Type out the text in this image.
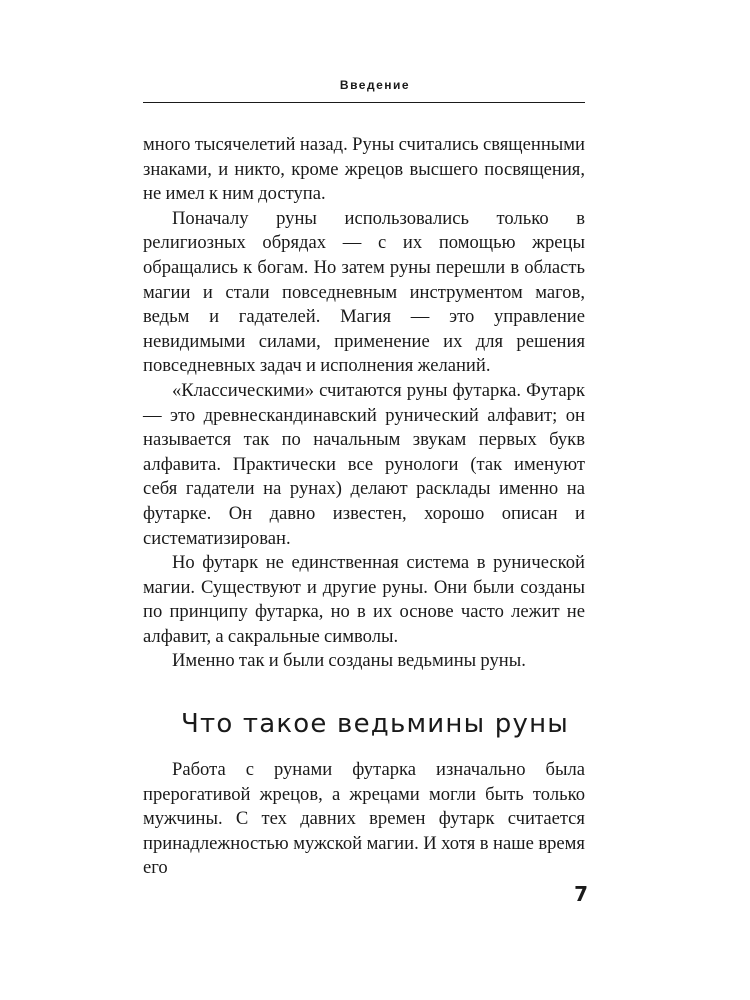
Введение

много тысячелетий назад. Руны считались священными знаками, и никто, кроме жрецов высшего посвящения, не имел к ним доступа.

Поначалу руны использовались только в религиозных обрядах — с их помощью жрецы обращались к богам. Но затем руны перешли в область магии и стали повседневным инструментом магов, ведьм и гадателей. Магия — это управление невидимыми силами, применение их для решения повседневных задач и исполнения желаний.

«Классическими» считаются руны футарка. Футарк — это древнескандинавский рунический алфавит; он называется так по начальным звукам первых букв алфавита. Практически все рунологи (так именуют себя гадатели на рунах) делают расклады именно на футарке. Он давно известен, хорошо описан и систематизирован.

Но футарк не единственная система в рунической магии. Существуют и другие руны. Они были созданы по принципу футарка, но в их основе часто лежит не алфавит, а сакральные символы.

Именно так и были созданы ведьмины руны.

Что такое ведьмины руны

Работа с рунами футарка изначально была прерогативой жрецов, а жрецами могли быть только мужчины. С тех давних времен футарк считается принадлежностью мужской магии. И хотя в наше время его

7
